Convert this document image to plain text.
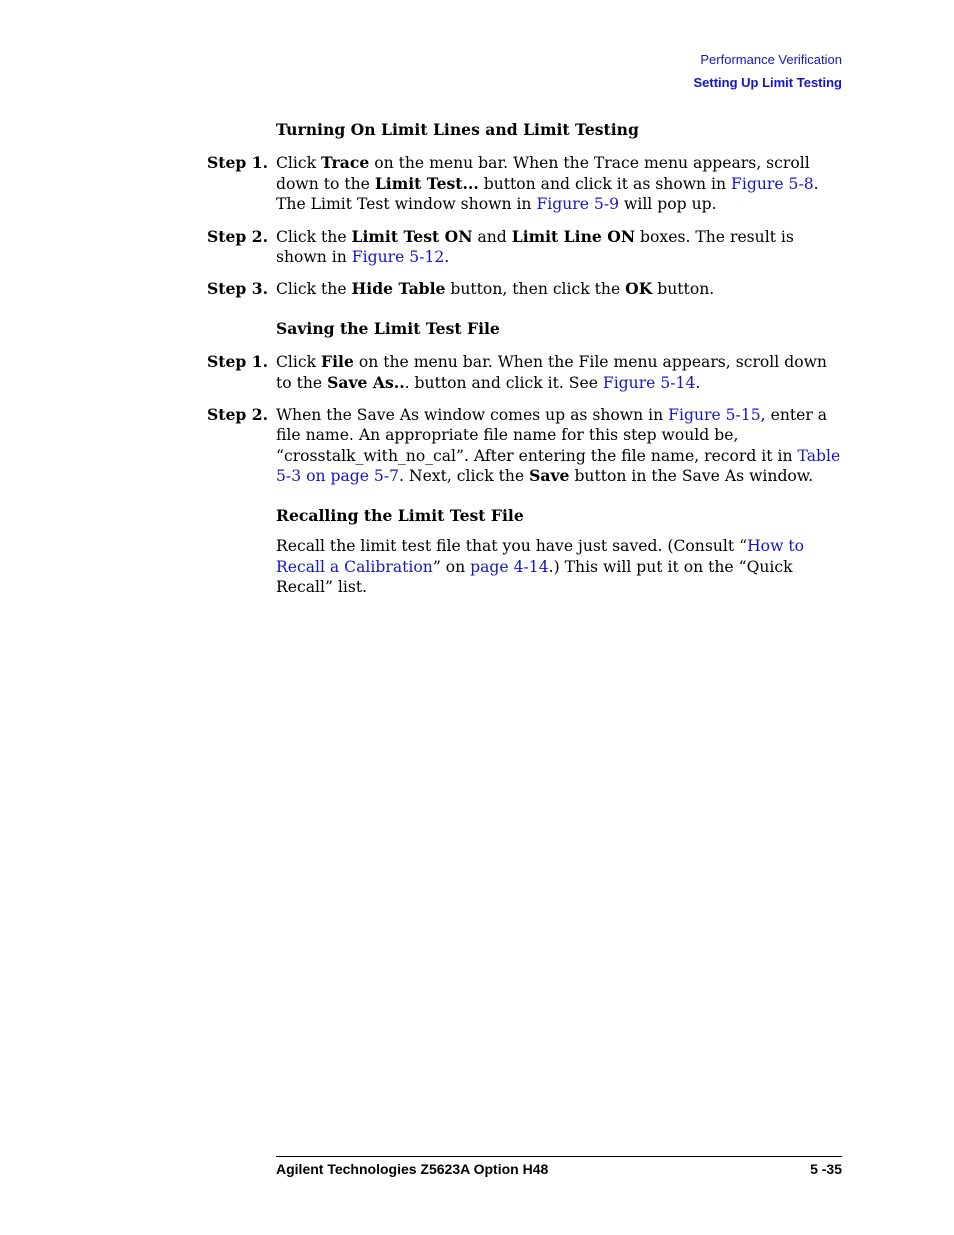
Performance Verification
Setting Up Limit Testing
Turning On Limit Lines and Limit Testing
Step 1. Click Trace on the menu bar. When the Trace menu appears, scroll down to the Limit Test... button and click it as shown in Figure 5-8. The Limit Test window shown in Figure 5-9 will pop up.
Step 2. Click the Limit Test ON and Limit Line ON boxes. The result is shown in Figure 5-12.
Step 3. Click the Hide Table button, then click the OK button.
Saving the Limit Test File
Step 1. Click File on the menu bar. When the File menu appears, scroll down to the Save As... button and click it. See Figure 5-14.
Step 2. When the Save As window comes up as shown in Figure 5-15, enter a file name. An appropriate file name for this step would be, “crosstalk_with_no_cal”. After entering the file name, record it in Table 5-3 on page 5-7. Next, click the Save button in the Save As window.
Recalling the Limit Test File

Recall the limit test file that you have just saved. (Consult “How to Recall a Calibration” on page 4-14.) This will put it on the “Quick Recall” list.

Agilent Technologies Z5623A Option H48	5 -35
